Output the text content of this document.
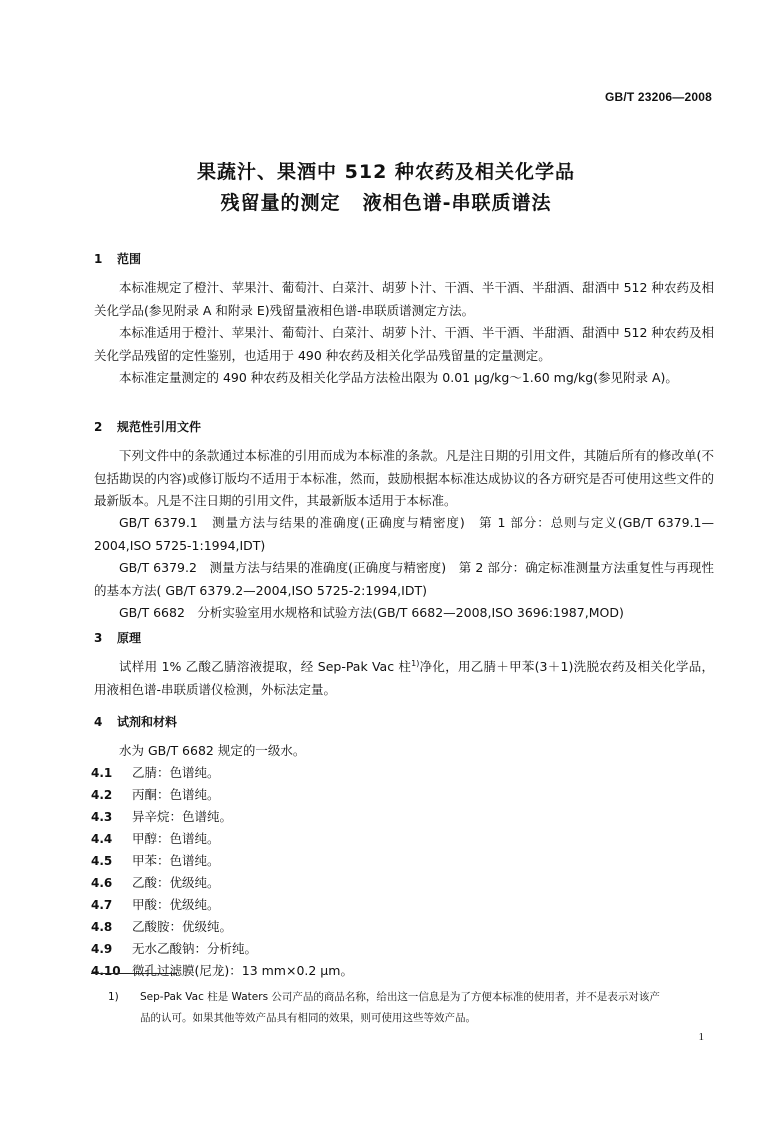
GB/T 23206—2008
果蔬汁、果酒中 512 种农药及相关化学品
残留量的测定 液相色谱-串联质谱法
1 范围
本标准规定了橙汁、苹果汁、葡萄汁、白菜汁、胡萝卜汁、干酒、半干酒、半甜酒、甜酒中 512 种农药及相关化学品(参见附录 A 和附录 E)残留量液相色谱-串联质谱测定方法。
本标准适用于橙汁、苹果汁、葡萄汁、白菜汁、胡萝卜汁、干酒、半干酒、半甜酒、甜酒中 512 种农药及相关化学品残留的定性鉴别，也适用于 490 种农药及相关化学品残留量的定量测定。
本标准定量测定的 490 种农药及相关化学品方法检出限为 0.01 μg/kg～1.60 mg/kg(参见附录 A)。
2 规范性引用文件
下列文件中的条款通过本标准的引用而成为本标准的条款。凡是注日期的引用文件，其随后所有的修改单(不包括勘误的内容)或修订版均不适用于本标准，然而，鼓励根据本标准达成协议的各方研究是否可使用这些文件的最新版本。凡是不注日期的引用文件，其最新版本适用于本标准。
GB/T 6379.1　测量方法与结果的准确度(正确度与精密度)　第 1 部分：总则与定义(GB/T 6379.1—2004,ISO 5725-1:1994,IDT)
GB/T 6379.2　测量方法与结果的准确度(正确度与精密度)　第 2 部分：确定标准测量方法重复性与再现性的基本方法( GB/T 6379.2—2004,ISO 5725-2:1994,IDT)
GB/T 6682　分析实验室用水规格和试验方法(GB/T 6682—2008,ISO 3696:1987,MOD)
3 原理
试样用 1% 乙酸乙腈溶液提取，经 Sep-Pak Vac 柱$^{1)}$净化，用乙腈＋甲苯(3＋1)洗脱农药及相关化学品，用液相色谱-串联质谱仪检测，外标法定量。
4 试剂和材料
水为 GB/T 6682 规定的一级水。
4.1 乙腈：色谱纯。
4.2 丙酮：色谱纯。
4.3 异辛烷：色谱纯。
4.4 甲醇：色谱纯。
4.5 甲苯：色谱纯。
4.6 乙酸：优级纯。
4.7 甲酸：优级纯。
4.8 乙酸胺：优级纯。
4.9 无水乙酸钠：分析纯。
4.10 微孔过滤膜(尼龙)：13 mm×0.2 μm。
1) Sep-Pak Vac 柱是 Waters 公司产品的商品名称，给出这一信息是为了方便本标准的使用者，并不是表示对该产
品的认可。如果其他等效产品具有相同的效果，则可使用这些等效产品。
1
